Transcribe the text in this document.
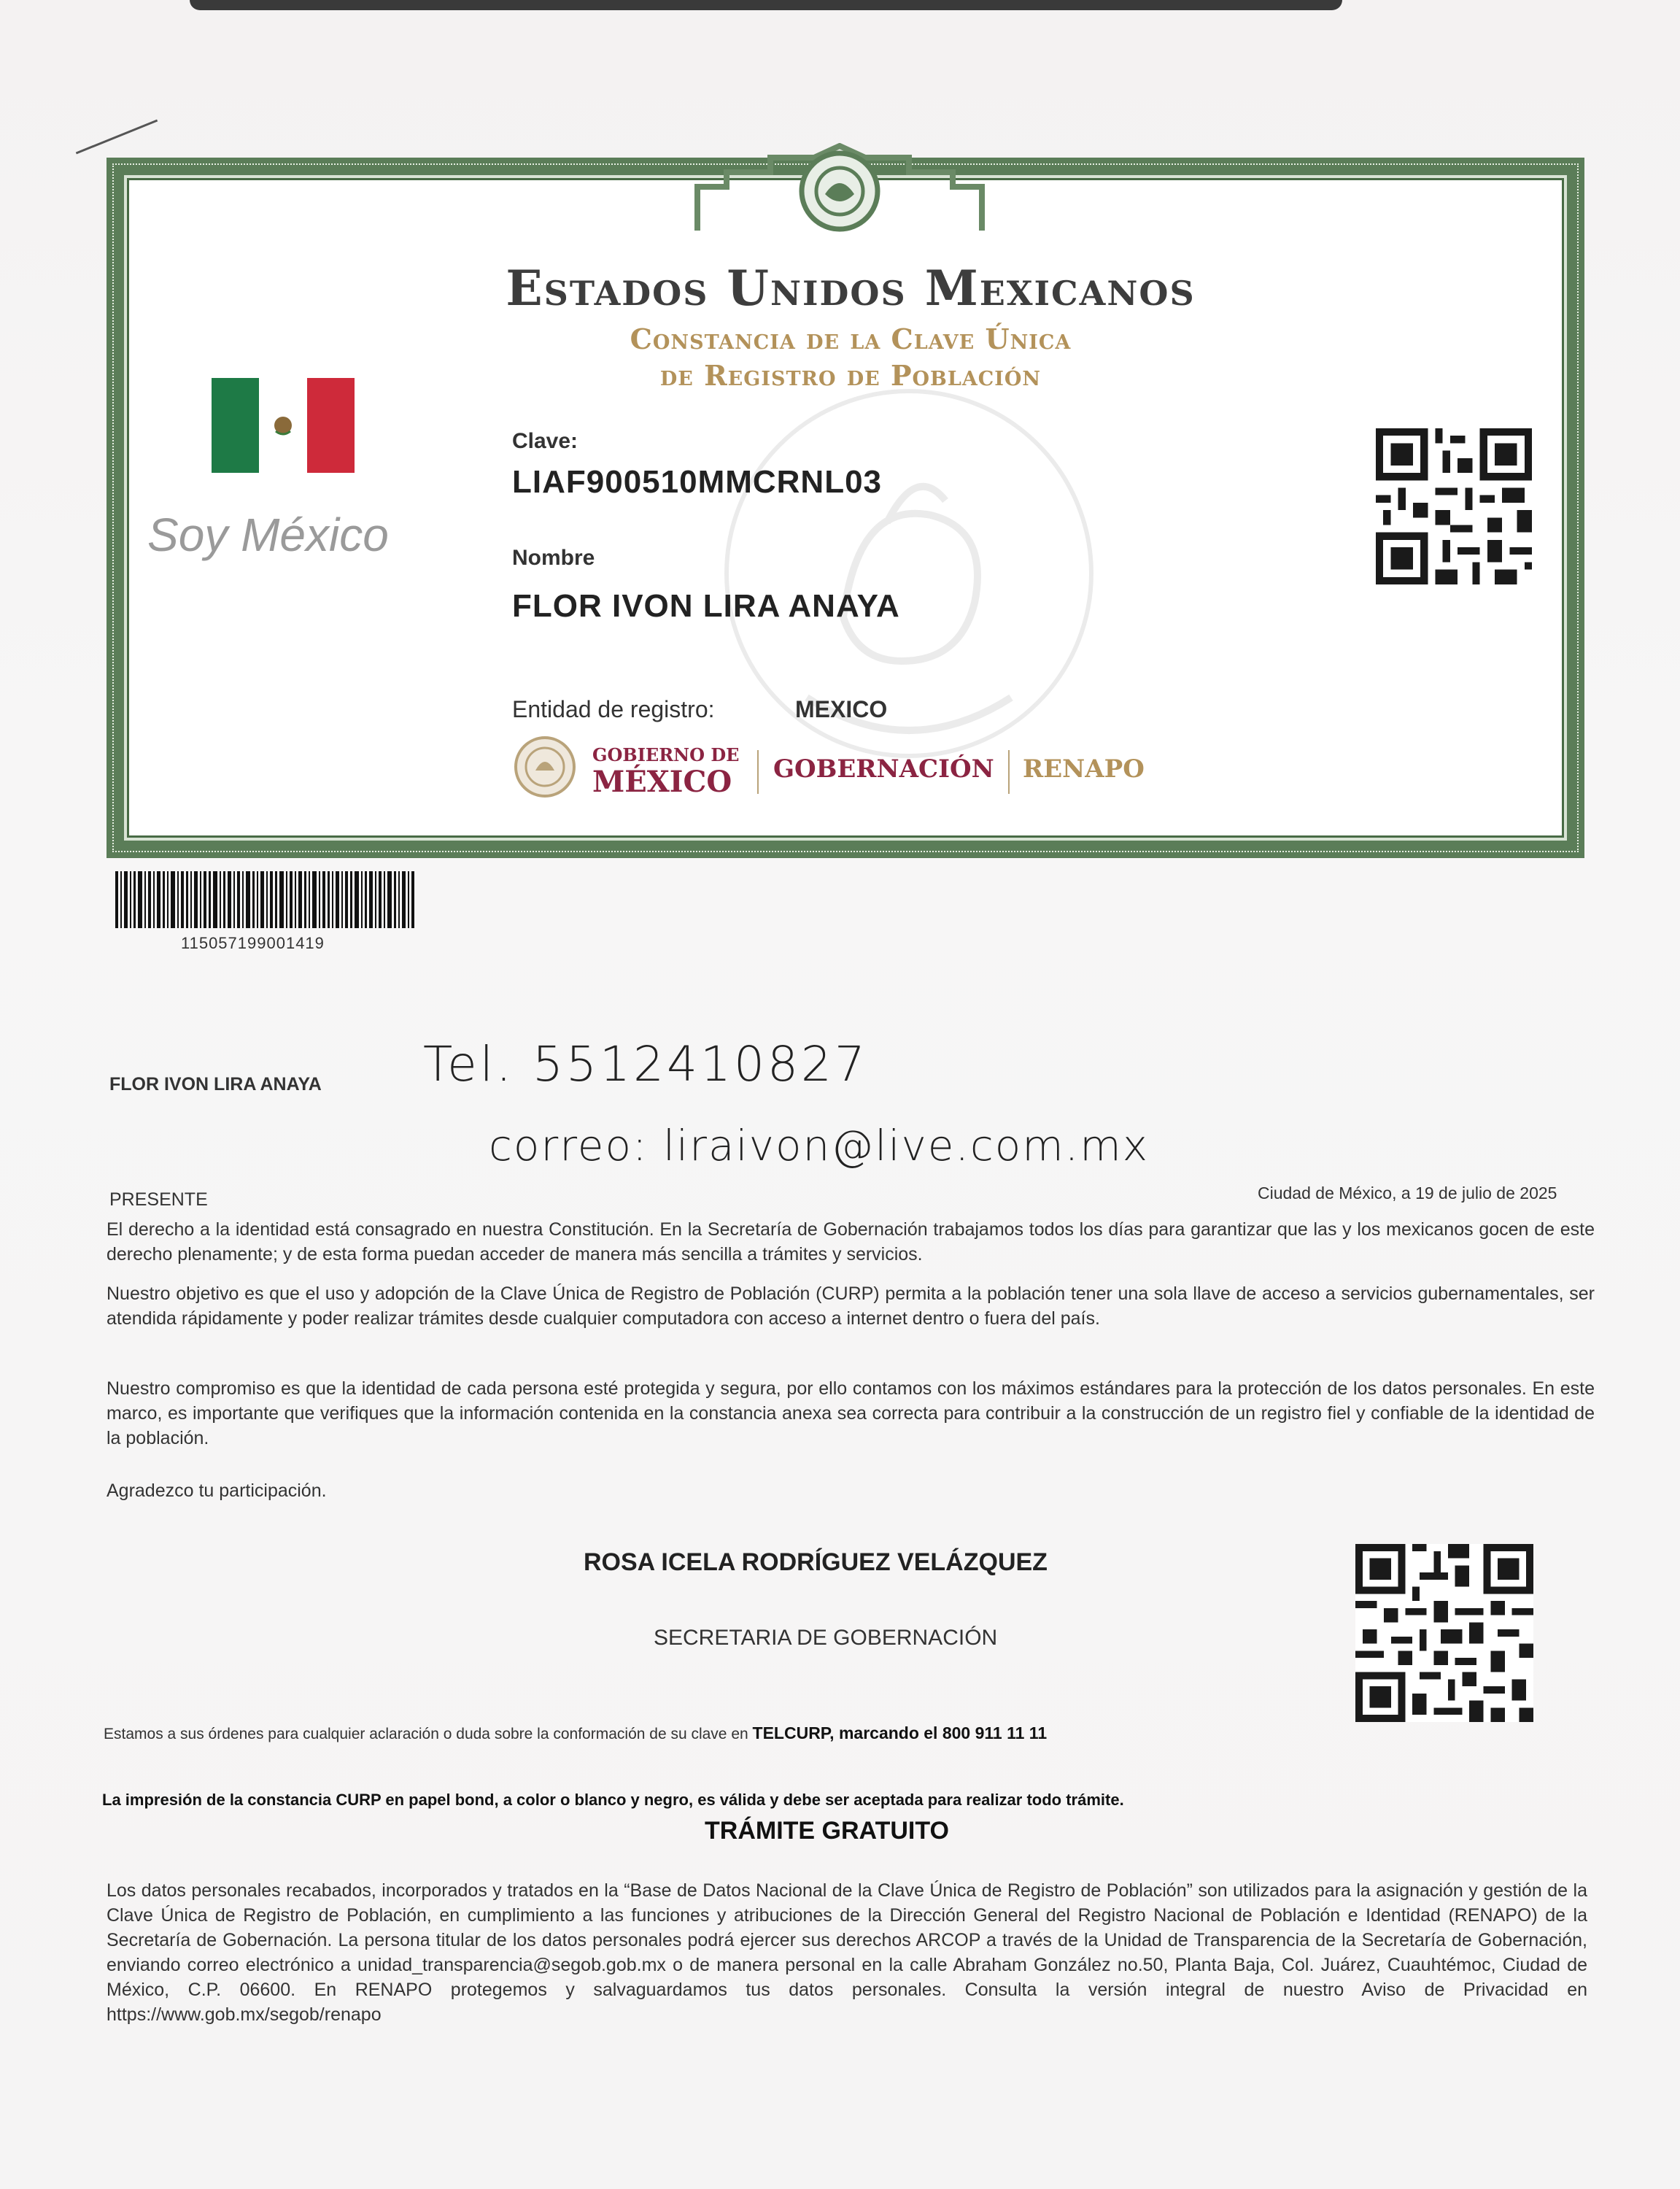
Estados Unidos Mexicanos
Constancia de la Clave Única
de Registro de Población
Soy México
Clave:
LIAF900510MMCRNL03
Nombre
FLOR IVON LIRA ANAYA
Entidad de registro:	MEXICO
GOBIERNO DE
MÉXICO GOBERNACIÓN RENAPO
115057199001419
FLOR IVON LIRA ANAYA Tel. 5512410827
correo: liraivon@live.com.mx
PRESENTE	Ciudad de México, a 19 de julio de 2025
El derecho a la identidad está consagrado en nuestra Constitución. En la Secretaría de Gobernación trabajamos todos los días para garantizar que las y los mexicanos gocen de este derecho plenamente; y de esta forma puedan acceder de manera más sencilla a trámites y servicios.
Nuestro objetivo es que el uso y adopción de la Clave Única de Registro de Población (CURP) permita a la población tener una sola llave de acceso a servicios gubernamentales, ser atendida rápidamente y poder realizar trámites desde cualquier computadora con acceso a internet dentro o fuera del país.
Nuestro compromiso es que la identidad de cada persona esté protegida y segura, por ello contamos con los máximos estándares para la protección de los datos personales. En este marco, es importante que verifiques que la información contenida en la constancia anexa sea correcta para contribuir a la construcción de un registro fiel y confiable de la identidad de la población.
Agradezco tu participación.
ROSA ICELA RODRÍGUEZ VELÁZQUEZ
SECRETARIA DE GOBERNACIÓN
Estamos a sus órdenes para cualquier aclaración o duda sobre la conformación de su clave en TELCURP, marcando el 800 911 11 11
La impresión de la constancia CURP en papel bond, a color o blanco y negro, es válida y debe ser aceptada para realizar todo trámite.
TRÁMITE GRATUITO
Los datos personales recabados, incorporados y tratados en la “Base de Datos Nacional de la Clave Única de Registro de Población” son utilizados para la asignación y gestión de la Clave Única de Registro de Población, en cumplimiento a las funciones y atribuciones de la Dirección General del Registro Nacional de Población e Identidad (RENAPO) de la Secretaría de Gobernación. La persona titular de los datos personales podrá ejercer sus derechos ARCOP a través de la Unidad de Transparencia de la Secretaría de Gobernación, enviando correo electrónico a unidad_transparencia@segob.gob.mx o de manera personal en la calle Abraham González no.50, Planta Baja, Col. Juárez, Cuauhtémoc, Ciudad de México, C.P. 06600. En RENAPO protegemos y salvaguardamos tus datos personales. Consulta la versión integral de nuestro Aviso de Privacidad en https://www.gob.mx/segob/renapo
